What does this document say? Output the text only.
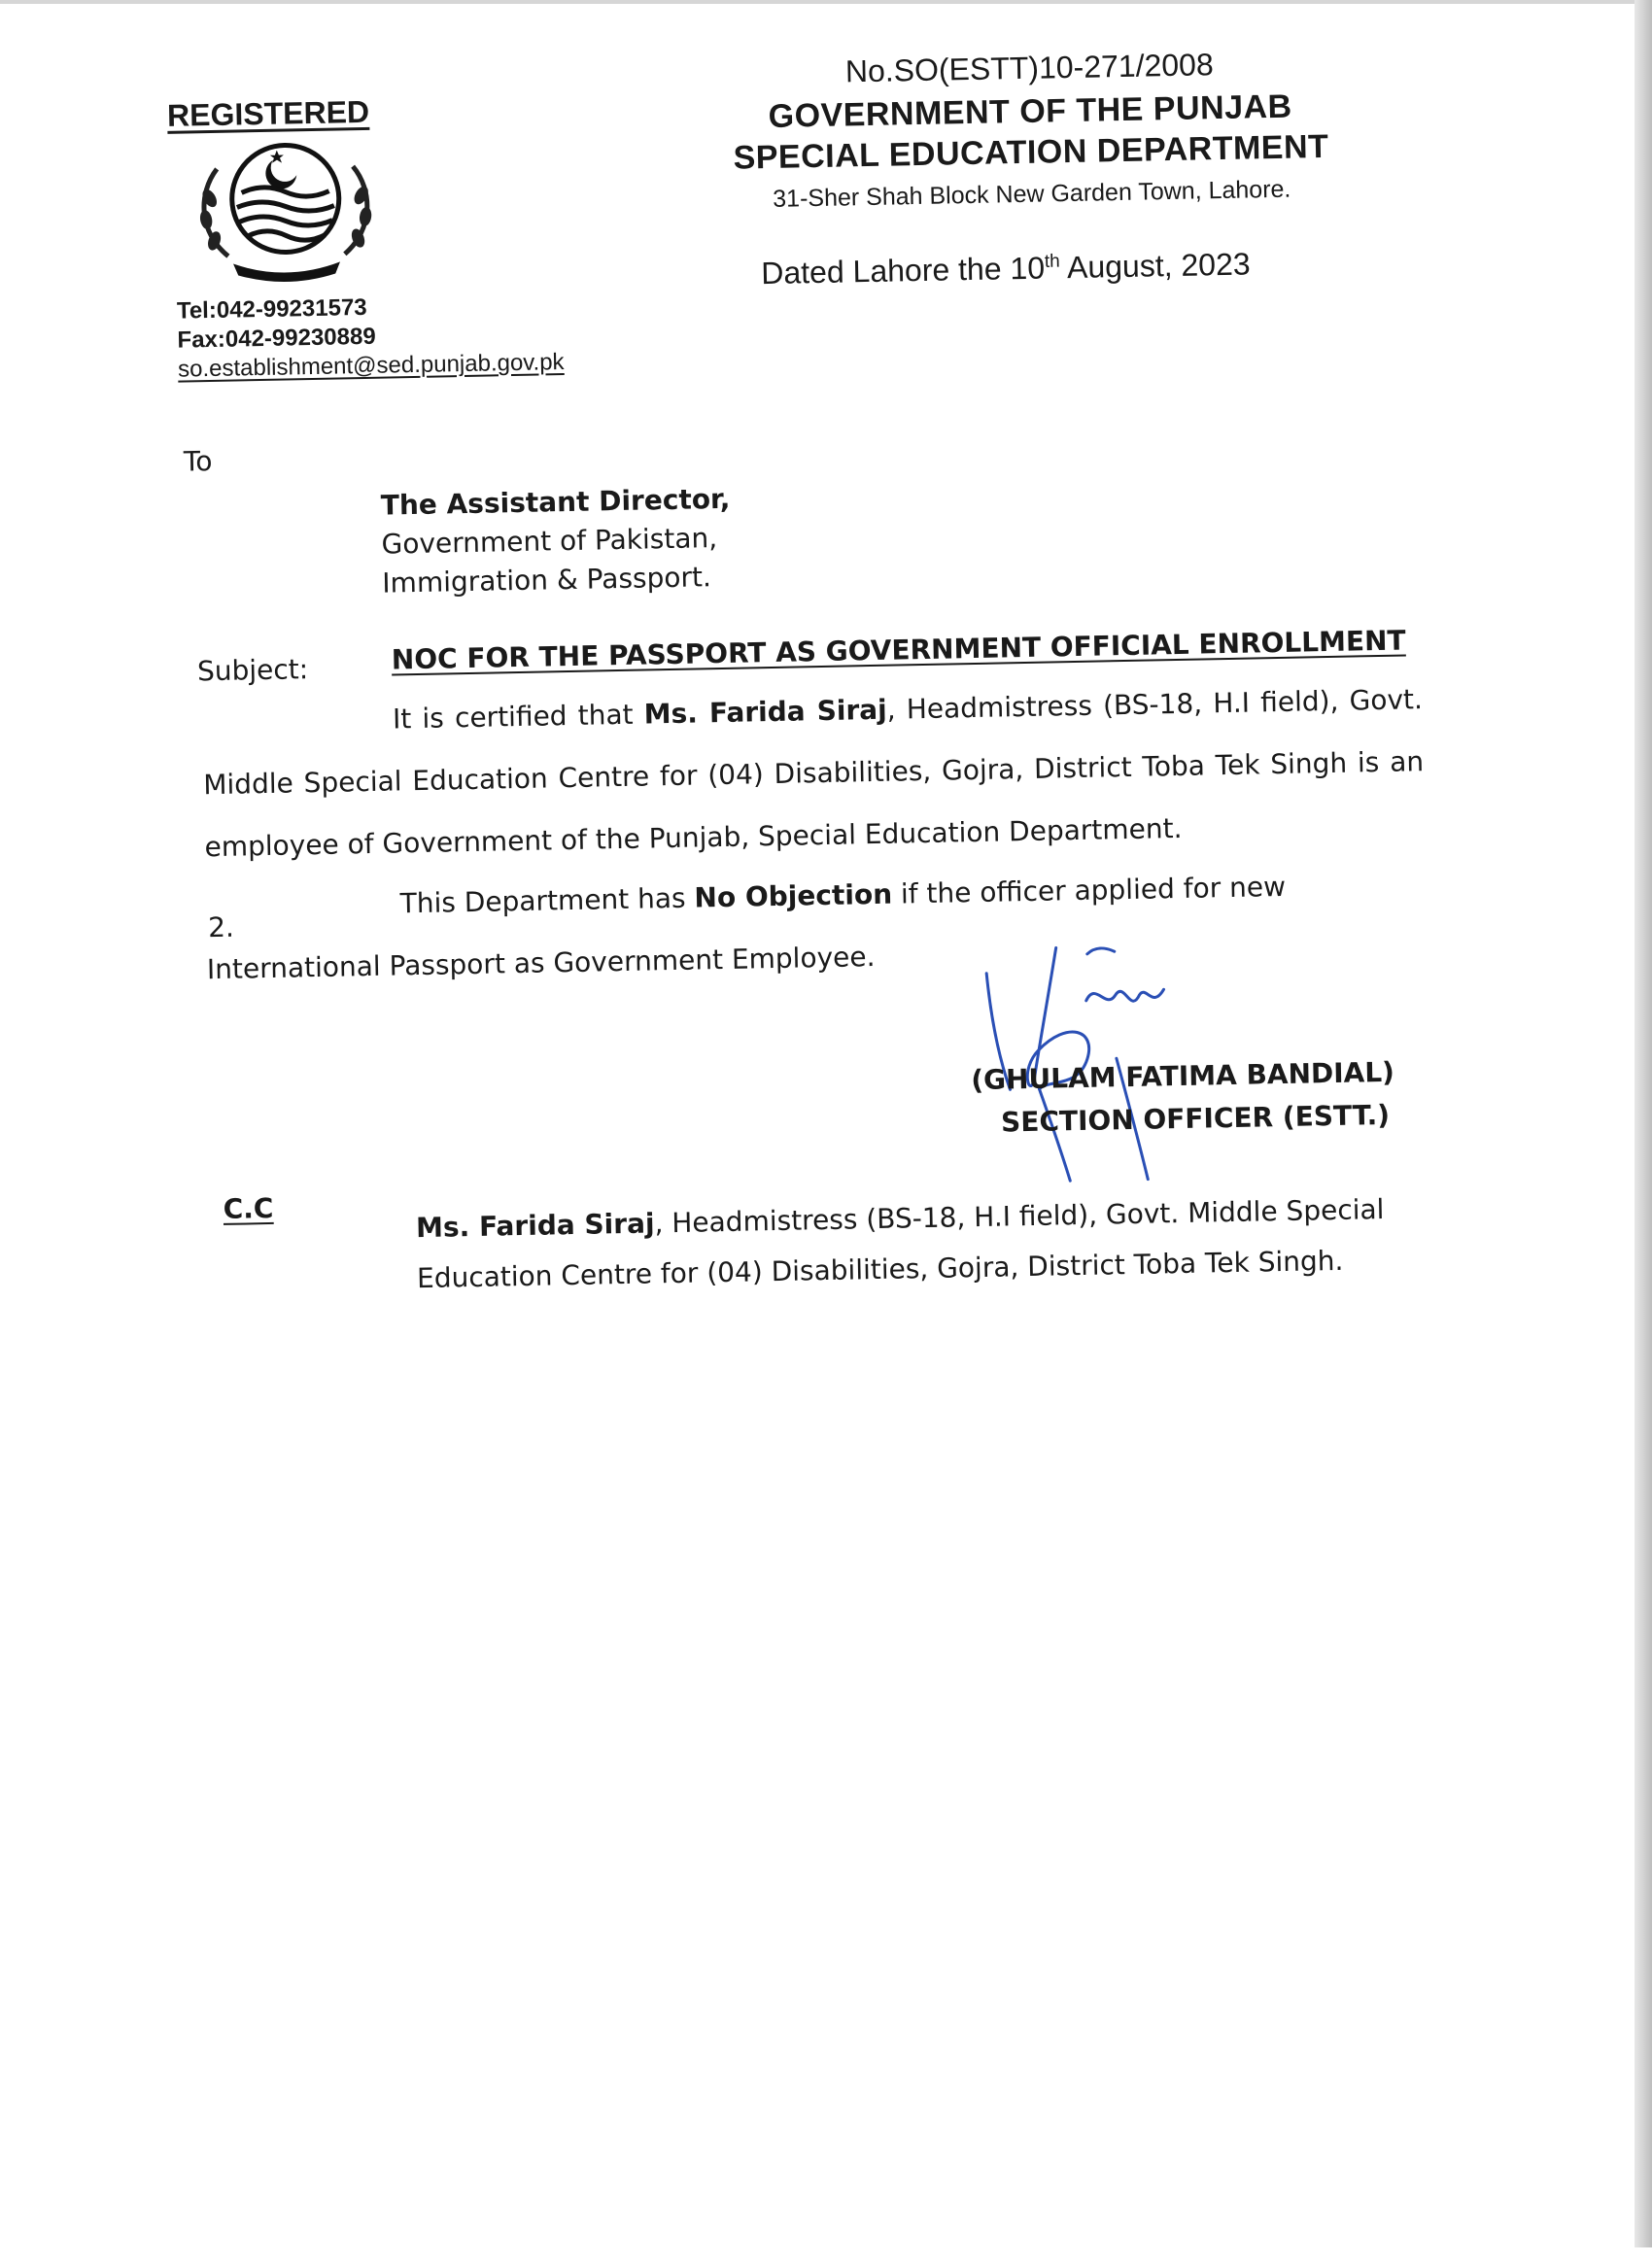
REGISTERED
Tel:042-99231573
Fax:042-99230889
so.establishment@sed.punjab.gov.pk
No.SO(ESTT)10-271/2008
GOVERNMENT OF THE PUNJAB
SPECIAL EDUCATION DEPARTMENT
31-Sher Shah Block New Garden Town, Lahore.
Dated Lahore the 10th August, 2023
To
The Assistant Director,
Government of Pakistan,
Immigration & Passport.
Subject:	NOC FOR THE PASSPORT AS GOVERNMENT OFFICIAL ENROLLMENT
It is certified that Ms. Farida Siraj, Headmistress (BS-18, H.I field), Govt. Middle Special Education Centre for (04) Disabilities, Gojra, District Toba Tek Singh is an employee of Government of the Punjab, Special Education Department.
2.
This Department has No Objection if the officer applied for new International Passport as Government Employee.
(GHULAM FATIMA BANDIAL)
SECTION OFFICER (ESTT.)
C.C	Ms. Farida Siraj, Headmistress (BS-18, H.I field), Govt. Middle Special Education Centre for (04) Disabilities, Gojra, District Toba Tek Singh.
